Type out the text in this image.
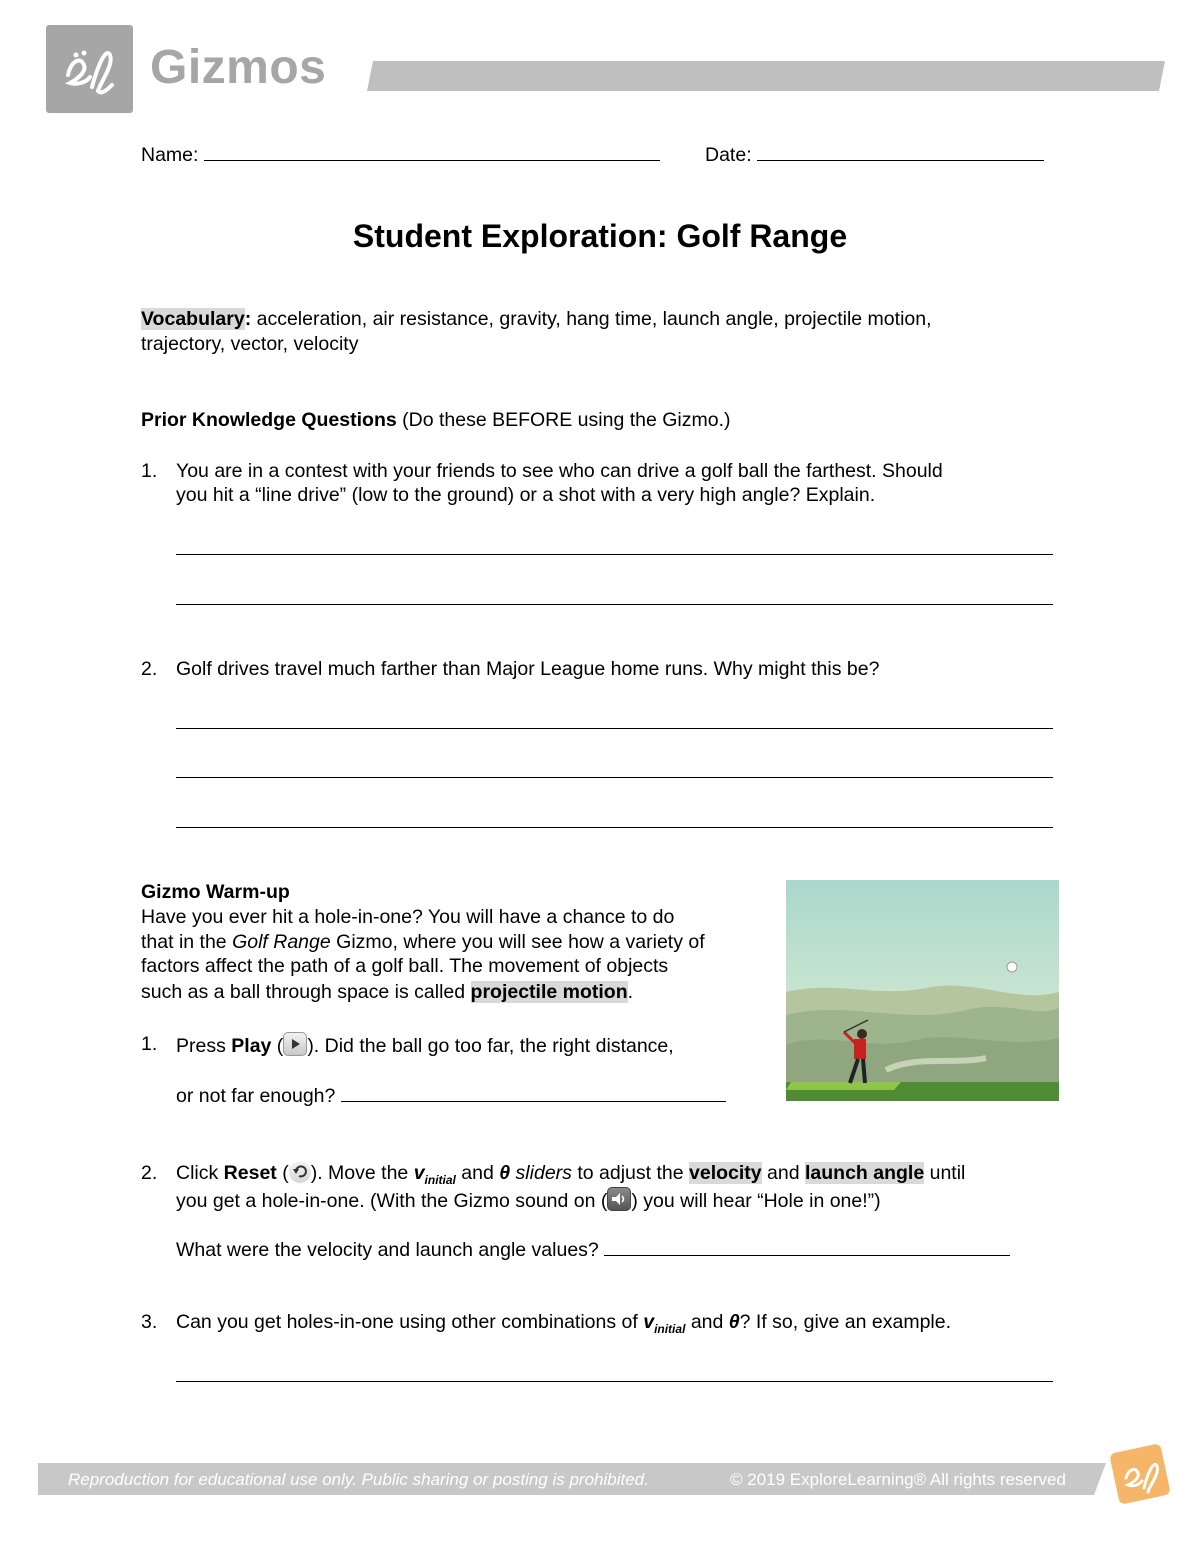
Gizmos
Name:	Date:
Student Exploration: Golf Range
Vocabulary: acceleration, air resistance, gravity, hang time, launch angle, projectile motion,
trajectory, vector, velocity
Prior Knowledge Questions (Do these BEFORE using the Gizmo.)
1. You are in a contest with your friends to see who can drive a golf ball the farthest. Should
you hit a “line drive” (low to the ground) or a shot with a very high angle? Explain.
2. Golf drives travel much farther than Major League home runs. Why might this be?
Gizmo Warm-up
Have you ever hit a hole-in-one? You will have a chance to do
that in the Golf Range Gizmo, where you will see how a variety of
factors affect the path of a golf ball. The movement of objects
such as a ball through space is called projectile motion.
1. Press Play ( ). Did the ball go too far, the right distance,
or not far enough?
2. Click Reset ( ). Move the $v_{initial}$ and θ sliders to adjust the velocity and launch angle until
you get a hole-in-one. (With the Gizmo sound on ( ) you will hear “Hole in one!”)
What were the velocity and launch angle values?
3. Can you get holes-in-one using other combinations of $v_{initial}$ and θ? If so, give an example.
Reproduction for educational use only. Public sharing or posting is prohibited.	© 2019 ExploreLearning® All rights reserved
